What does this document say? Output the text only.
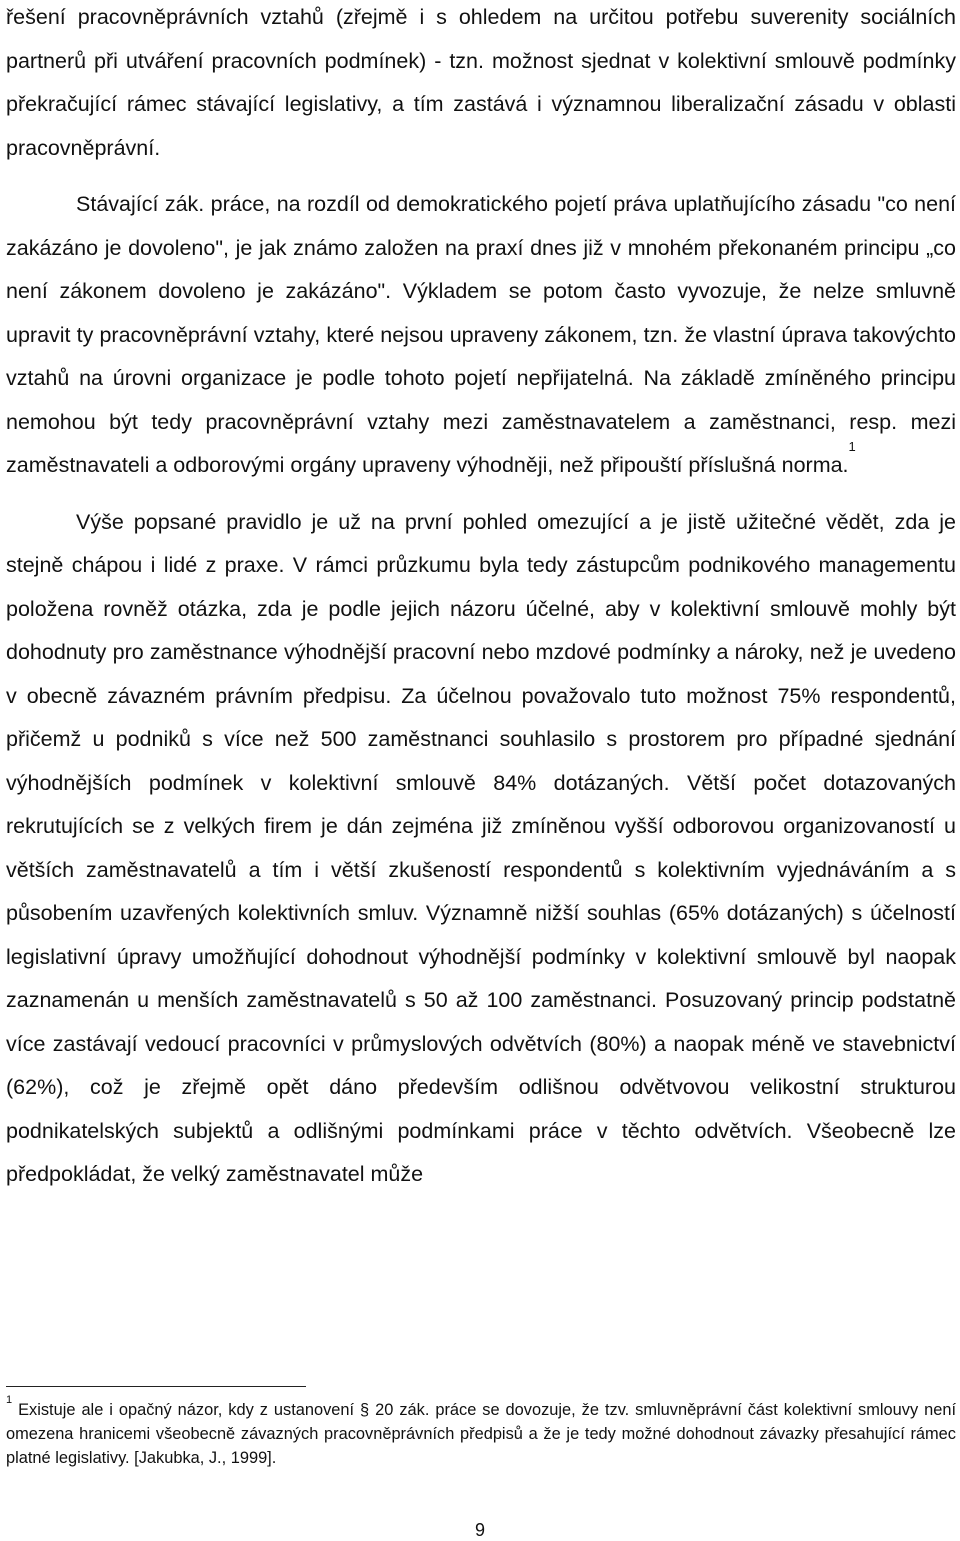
řešení pracovněprávních vztahů (zřejmě i s ohledem na určitou potřebu suverenity sociálních partnerů při utváření pracovních podmínek) - tzn. možnost sjednat v kolektivní smlouvě podmínky překračující rámec stávající legislativy, a tím zastává i významnou liberalizační zásadu v oblasti pracovněprávní.

Stávající zák. práce, na rozdíl od demokratického pojetí práva uplatňujícího zásadu "co není zakázáno je dovoleno", je jak známo založen na praxí dnes již v mnohém překonaném principu „co není zákonem dovoleno je zakázáno". Výkladem se potom často vyvozuje, že nelze smluvně upravit ty pracovněprávní vztahy, které nejsou upraveny zákonem, tzn. že vlastní úprava takovýchto vztahů na úrovni organizace je podle tohoto pojetí nepřijatelná. Na základě zmíněného principu nemohou být tedy pracovněprávní vztahy mezi zaměstnavatelem a zaměstnanci, resp. mezi zaměstnavateli a odborovými orgány upraveny výhodněji, než připouští příslušná norma.$^1$

Výše popsané pravidlo je už na první pohled omezující a je jistě užitečné vědět, zda je stejně chápou i lidé z praxe. V rámci průzkumu byla tedy zástupcům podnikového managementu položena rovněž otázka, zda je podle jejich názoru účelné, aby v kolektivní smlouvě mohly být dohodnuty pro zaměstnance výhodnější pracovní nebo mzdové podmínky a nároky, než je uvedeno v obecně závazném právním předpisu. Za účelnou považovalo tuto možnost 75% respondentů, přičemž u podniků s více než 500 zaměstnanci souhlasilo s prostorem pro případné sjednání výhodnějších podmínek v kolektivní smlouvě 84% dotázaných. Větší počet dotazovaných rekrutujících se z velkých firem je dán zejména již zmíněnou vyšší odborovou organizovaností u větších zaměstnavatelů a tím i větší zkušeností respondentů s kolektivním vyjednáváním a s působením uzavřených kolektivních smluv. Významně nižší souhlas (65% dotázaných) s účelností legislativní úpravy umožňující dohodnout výhodnější podmínky v kolektivní smlouvě byl naopak zaznamenán u menších zaměstnavatelů s 50 až 100 zaměstnanci. Posuzovaný princip podstatně více zastávají vedoucí pracovníci v průmyslových odvětvích (80%) a naopak méně ve stavebnictví (62%), což je zřejmě opět dáno především odlišnou odvětvovou velikostní strukturou podnikatelských subjektů a odlišnými podmínkami práce v těchto odvětvích. Všeobecně lze předpokládat, že velký zaměstnavatel může

$^1$ Existuje ale i opačný názor, kdy z ustanovení § 20 zák. práce se dovozuje, že tzv. smluvněprávní část kolektivní smlouvy není omezena hranicemi všeobecně závazných pracovněprávních předpisů a že je tedy možné dohodnout závazky přesahující rámec platné legislativy. [Jakubka, J., 1999].
9
